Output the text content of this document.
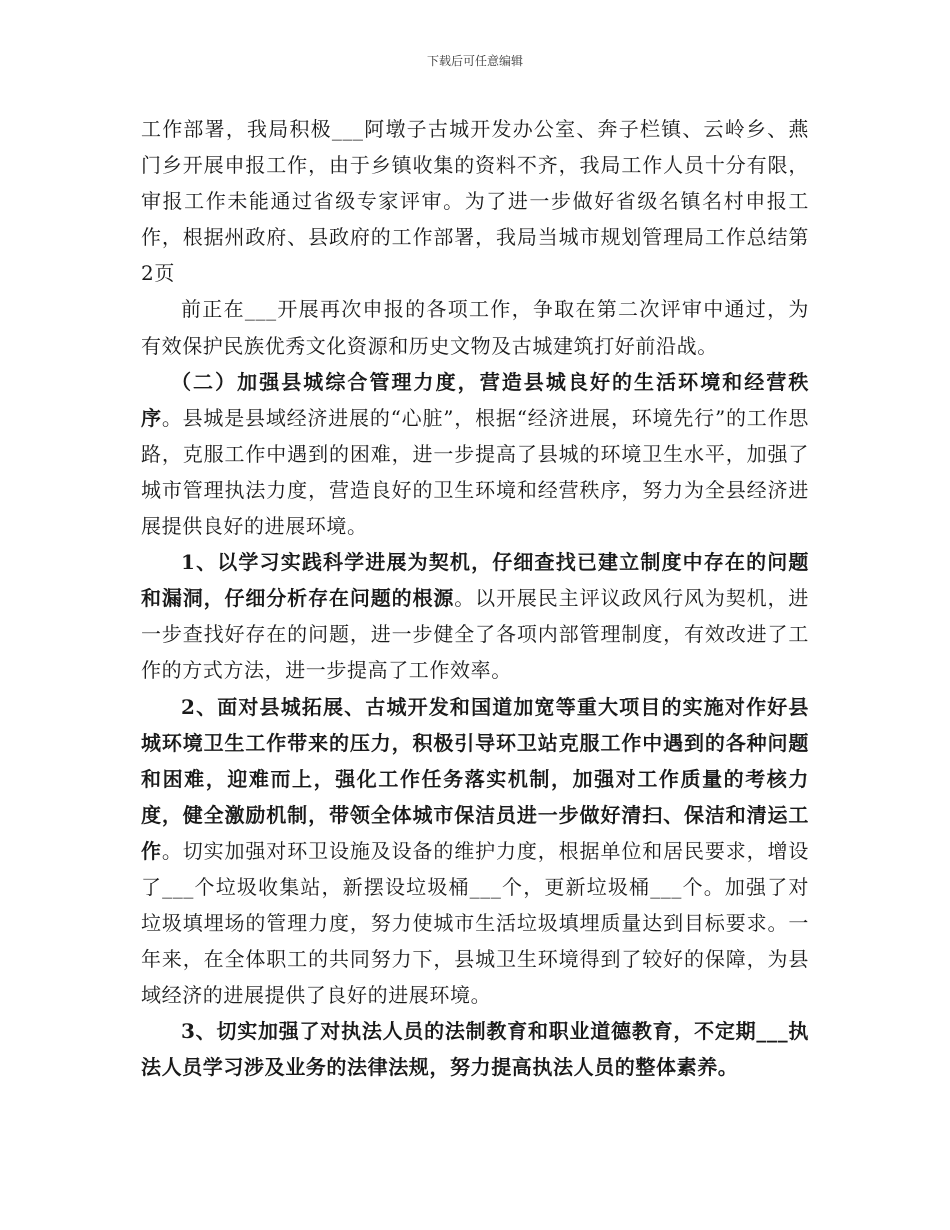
下载后可任意编辑

工作部署，我局积极___阿墩子古城开发办公室、奔子栏镇、云岭乡、燕门乡开展申报工作，由于乡镇收集的资料不齐，我局工作人员十分有限，审报工作未能通过省级专家评审。为了进一步做好省级名镇名村申报工作，根据州政府、县政府的工作部署，我局当城市规划管理局工作总结第2页

前正在___开展再次申报的各项工作，争取在第二次评审中通过，为有效保护民族优秀文化资源和历史文物及古城建筑打好前沿战。

（二）加强县城综合管理力度，营造县城良好的生活环境和经营秩序。县城是县域经济进展的“心脏”，根据“经济进展，环境先行”的工作思路，克服工作中遇到的困难，进一步提高了县城的环境卫生水平，加强了城市管理执法力度，营造良好的卫生环境和经营秩序，努力为全县经济进展提供良好的进展环境。

1、以学习实践科学进展为契机，仔细查找已建立制度中存在的问题和漏洞，仔细分析存在问题的根源。以开展民主评议政风行风为契机，进一步查找好存在的问题，进一步健全了各项内部管理制度，有效改进了工作的方式方法，进一步提高了工作效率。

2、面对县城拓展、古城开发和国道加宽等重大项目的实施对作好县城环境卫生工作带来的压力，积极引导环卫站克服工作中遇到的各种问题和困难，迎难而上，强化工作任务落实机制，加强对工作质量的考核力度，健全激励机制，带领全体城市保洁员进一步做好清扫、保洁和清运工作。切实加强对环卫设施及设备的维护力度，根据单位和居民要求，增设了___个垃圾收集站，新摆设垃圾桶___个，更新垃圾桶___个。加强了对垃圾填埋场的管理力度，努力使城市生活垃圾填埋质量达到目标要求。一年来，在全体职工的共同努力下，县城卫生环境得到了较好的保障，为县域经济的进展提供了良好的进展环境。

3、切实加强了对执法人员的法制教育和职业道德教育，不定期___执法人员学习涉及业务的法律法规，努力提高执法人员的整体素养。
